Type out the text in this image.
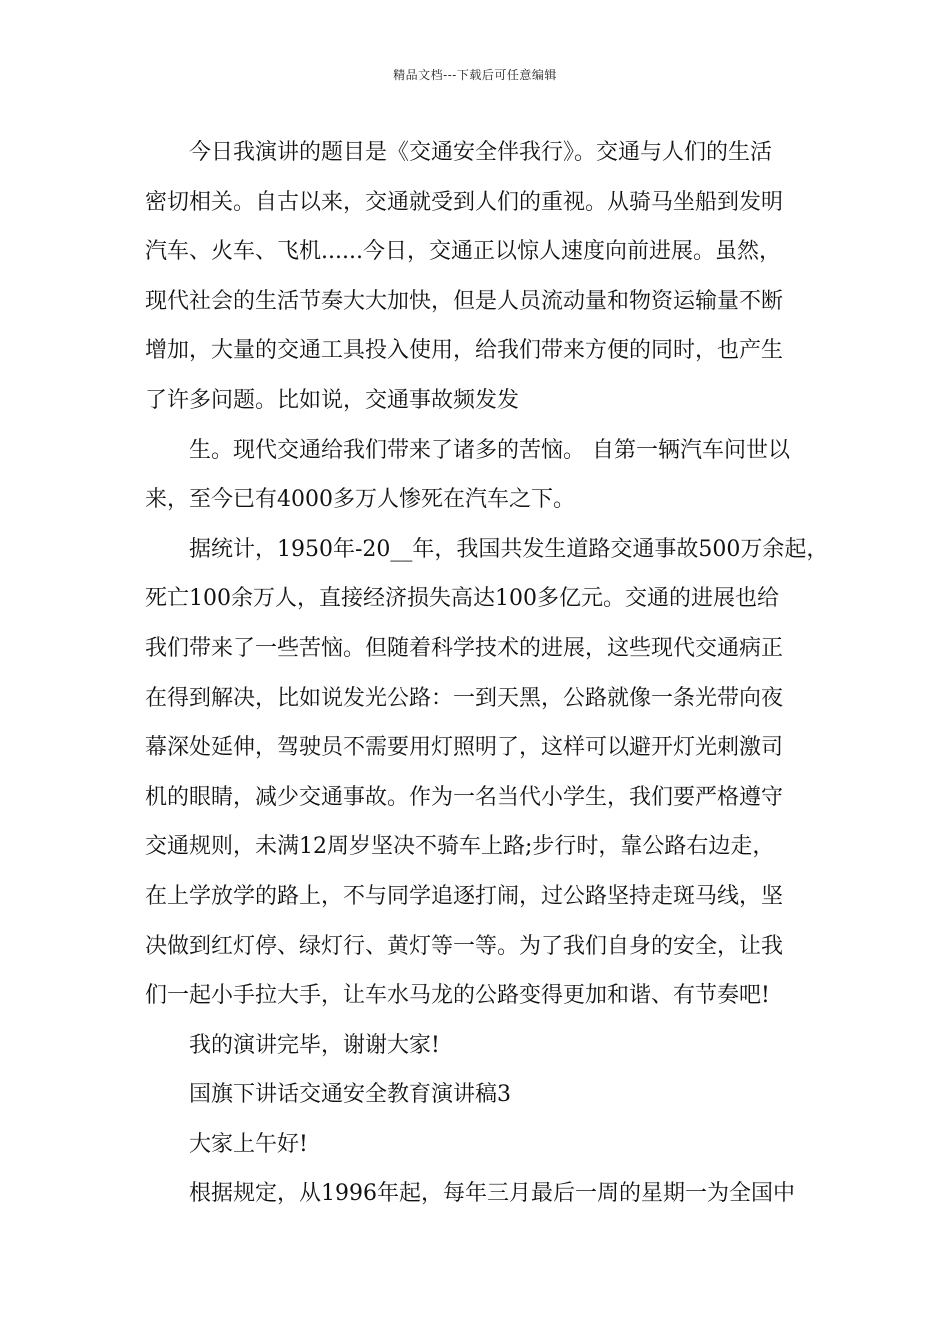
精品文档---下载后可任意编辑
今日我演讲的题目是《交通安全伴我行》。交通与人们的生活
密切相关。自古以来，交通就受到人们的重视。从骑马坐船到发明
汽车、火车、飞机......今日，交通正以惊人速度向前进展。虽然，
现代社会的生活节奏大大加快，但是人员流动量和物资运输量不断
增加，大量的交通工具投入使用，给我们带来方便的同时，也产生
了许多问题。比如说，交通事故频发发
生。现代交通给我们带来了诸多的苦恼。 自第一辆汽车问世以
来，至今已有4000多万人惨死在汽车之下。
据统计，1950年-20__年，我国共发生道路交通事故500万余起，
死亡100余万人，直接经济损失高达100多亿元。交通的进展也给
我们带来了一些苦恼。但随着科学技术的进展，这些现代交通病正
在得到解决，比如说发光公路：一到天黑，公路就像一条光带向夜
幕深处延伸，驾驶员不需要用灯照明了，这样可以避开灯光刺激司
机的眼睛，减少交通事故。作为一名当代小学生，我们要严格遵守
交通规则，未满12周岁坚决不骑车上路;步行时，靠公路右边走，
在上学放学的路上，不与同学追逐打闹，过公路坚持走斑马线，坚
决做到红灯停、绿灯行、黄灯等一等。为了我们自身的安全，让我
们一起小手拉大手，让车水马龙的公路变得更加和谐、有节奏吧!
我的演讲完毕，谢谢大家!
国旗下讲话交通安全教育演讲稿3
大家上午好!
根据规定，从1996年起，每年三月最后一周的星期一为全国中
